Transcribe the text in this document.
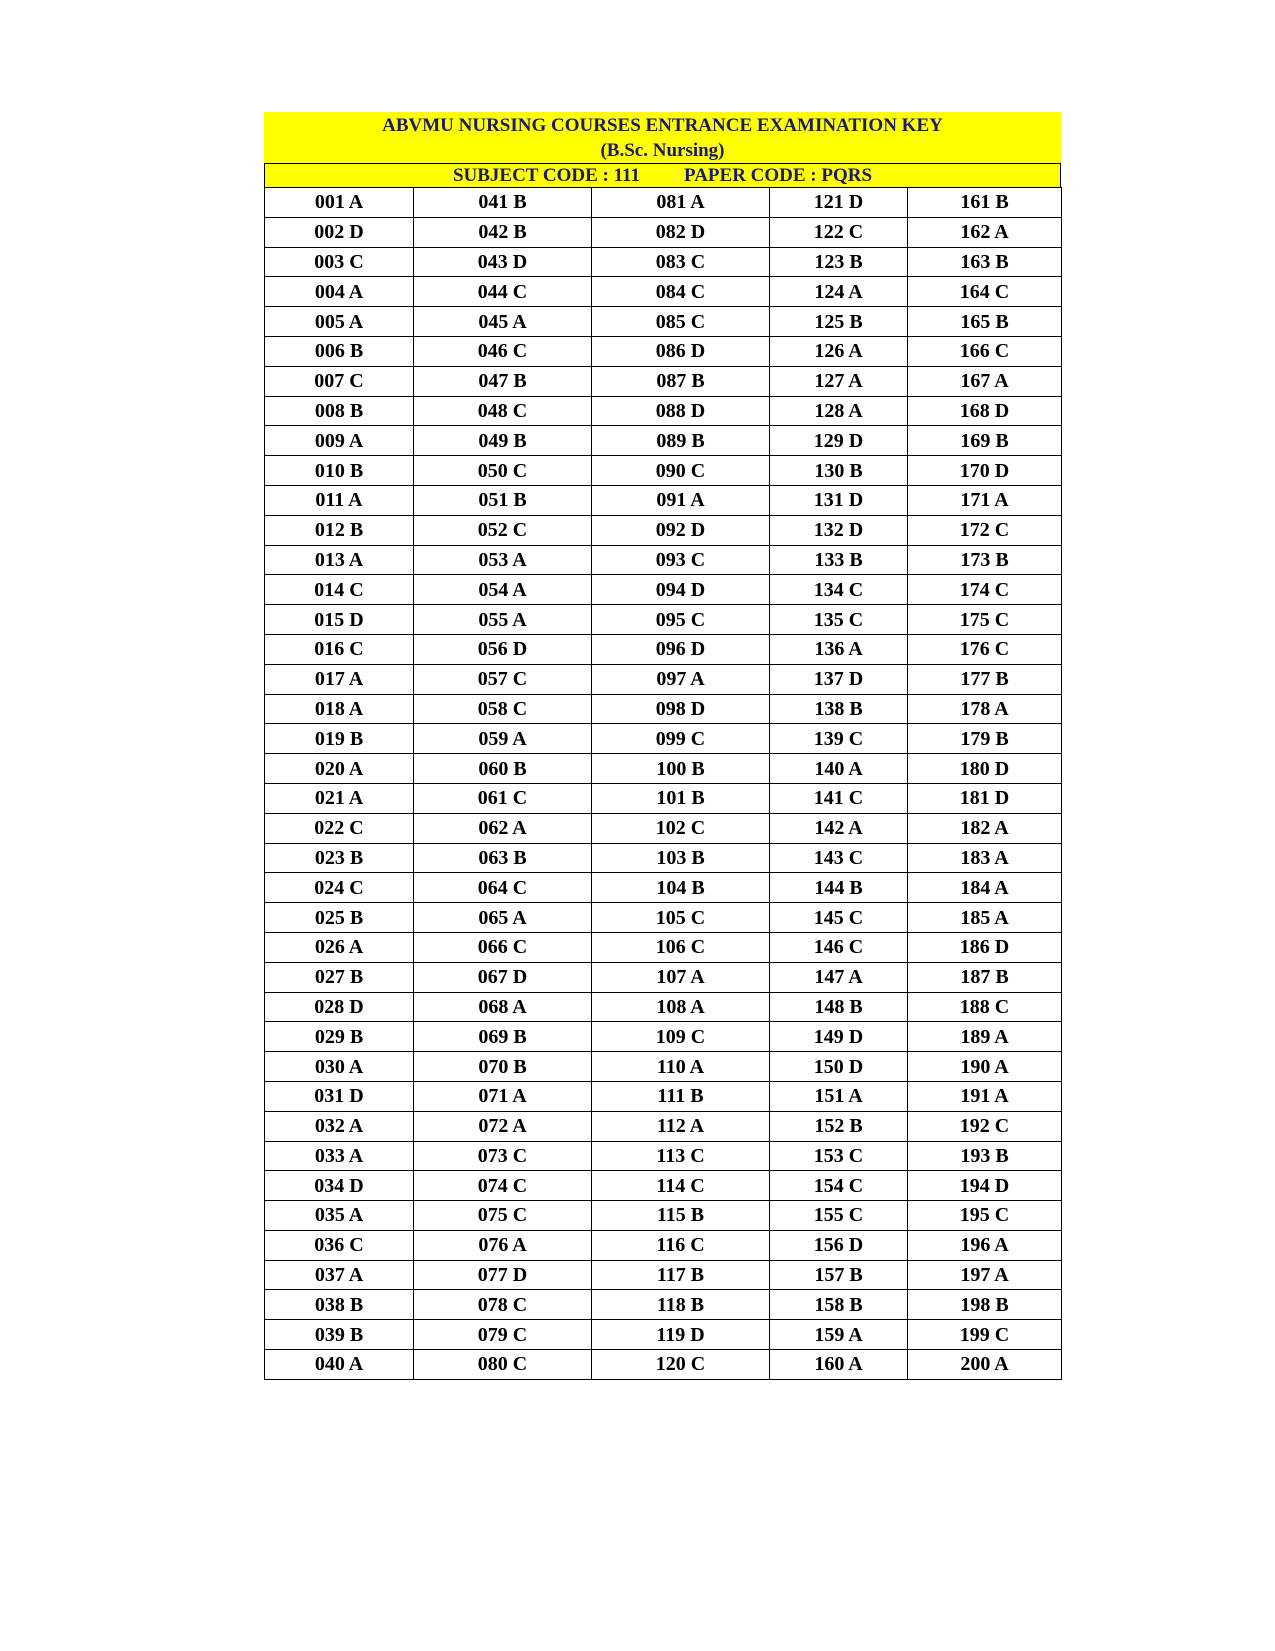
ABVMU NURSING COURSES ENTRANCE EXAMINATION KEY
(B.Sc. Nursing)
SUBJECT CODE : 111 PAPER CODE : PQRS
001 A	041 B	081 A	121 D	161 B
002 D	042 B	082 D	122 C	162 A
003 C	043 D	083 C	123 B	163 B
004 A	044 C	084 C	124 A	164 C
005 A	045 A	085 C	125 B	165 B
006 B	046 C	086 D	126 A	166 C
007 C	047 B	087 B	127 A	167 A
008 B	048 C	088 D	128 A	168 D
009 A	049 B	089 B	129 D	169 B
010 B	050 C	090 C	130 B	170 D
011 A	051 B	091 A	131 D	171 A
012 B	052 C	092 D	132 D	172 C
013 A	053 A	093 C	133 B	173 B
014 C	054 A	094 D	134 C	174 C
015 D	055 A	095 C	135 C	175 C
016 C	056 D	096 D	136 A	176 C
017 A	057 C	097 A	137 D	177 B
018 A	058 C	098 D	138 B	178 A
019 B	059 A	099 C	139 C	179 B
020 A	060 B	100 B	140 A	180 D
021 A	061 C	101 B	141 C	181 D
022 C	062 A	102 C	142 A	182 A
023 B	063 B	103 B	143 C	183 A
024 C	064 C	104 B	144 B	184 A
025 B	065 A	105 C	145 C	185 A
026 A	066 C	106 C	146 C	186 D
027 B	067 D	107 A	147 A	187 B
028 D	068 A	108 A	148 B	188 C
029 B	069 B	109 C	149 D	189 A
030 A	070 B	110 A	150 D	190 A
031 D	071 A	111 B	151 A	191 A
032 A	072 A	112 A	152 B	192 C
033 A	073 C	113 C	153 C	193 B
034 D	074 C	114 C	154 C	194 D
035 A	075 C	115 B	155 C	195 C
036 C	076 A	116 C	156 D	196 A
037 A	077 D	117 B	157 B	197 A
038 B	078 C	118 B	158 B	198 B
039 B	079 C	119 D	159 A	199 C
040 A	080 C	120 C	160 A	200 A
